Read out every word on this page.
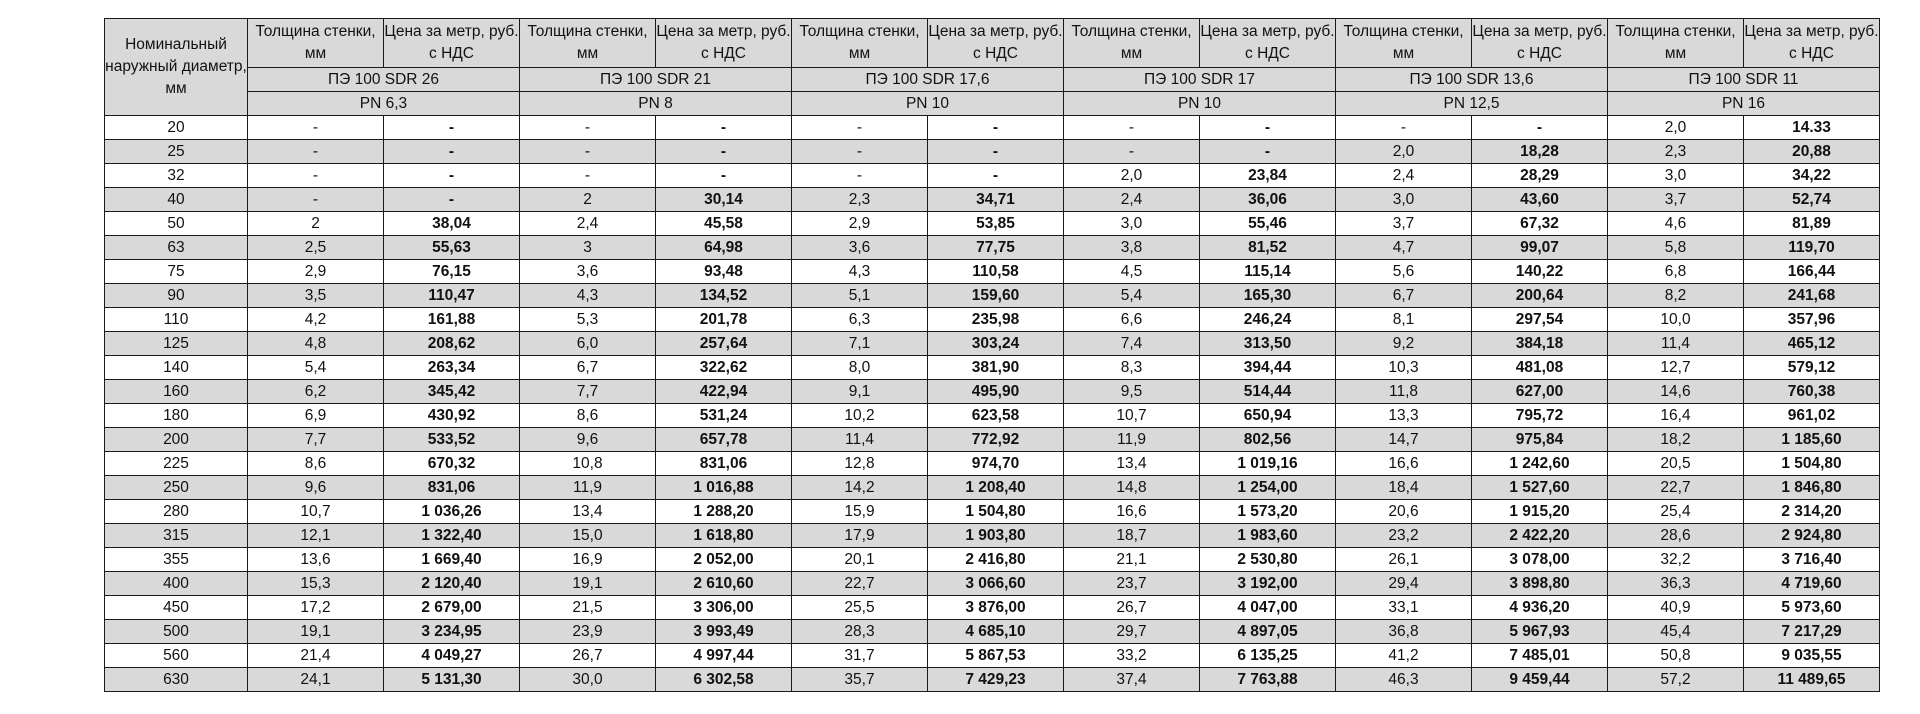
Номинальный наружный диаметр, мм	Толщина стенки, мм	Цена за метр, руб. с НДС	Толщина стенки, мм	Цена за метр, руб. с НДС	Толщина стенки, мм	Цена за метр, руб. с НДС	Толщина стенки, мм	Цена за метр, руб. с НДС	Толщина стенки, мм	Цена за метр, руб. с НДС	Толщина стенки, мм	Цена за метр, руб. с НДС
	ПЭ 100 SDR 26		ПЭ 100 SDR 21		ПЭ 100 SDR 17,6		ПЭ 100 SDR 17		ПЭ 100 SDR 13,6		ПЭ 100 SDR 11	
	PN 6,3		PN 8		PN 10		PN 10		PN 12,5		PN 16	
20	-	-	-	-	-	-	-	-	-	-	2,0	14.33
25	-	-	-	-	-	-	-	-	2,0	18,28	2,3	20,88
32	-	-	-	-	-	-	2,0	23,84	2,4	28,29	3,0	34,22
40	-	-	2	30,14	2,3	34,71	2,4	36,06	3,0	43,60	3,7	52,74
50	2	38,04	2,4	45,58	2,9	53,85	3,0	55,46	3,7	67,32	4,6	81,89
63	2,5	55,63	3	64,98	3,6	77,75	3,8	81,52	4,7	99,07	5,8	119,70
75	2,9	76,15	3,6	93,48	4,3	110,58	4,5	115,14	5,6	140,22	6,8	166,44
90	3,5	110,47	4,3	134,52	5,1	159,60	5,4	165,30	6,7	200,64	8,2	241,68
110	4,2	161,88	5,3	201,78	6,3	235,98	6,6	246,24	8,1	297,54	10,0	357,96
125	4,8	208,62	6,0	257,64	7,1	303,24	7,4	313,50	9,2	384,18	11,4	465,12
140	5,4	263,34	6,7	322,62	8,0	381,90	8,3	394,44	10,3	481,08	12,7	579,12
160	6,2	345,42	7,7	422,94	9,1	495,90	9,5	514,44	11,8	627,00	14,6	760,38
180	6,9	430,92	8,6	531,24	10,2	623,58	10,7	650,94	13,3	795,72	16,4	961,02
200	7,7	533,52	9,6	657,78	11,4	772,92	11,9	802,56	14,7	975,84	18,2	1 185,60
225	8,6	670,32	10,8	831,06	12,8	974,70	13,4	1 019,16	16,6	1 242,60	20,5	1 504,80
250	9,6	831,06	11,9	1 016,88	14,2	1 208,40	14,8	1 254,00	18,4	1 527,60	22,7	1 846,80
280	10,7	1 036,26	13,4	1 288,20	15,9	1 504,80	16,6	1 573,20	20,6	1 915,20	25,4	2 314,20
315	12,1	1 322,40	15,0	1 618,80	17,9	1 903,80	18,7	1 983,60	23,2	2 422,20	28,6	2 924,80
355	13,6	1 669,40	16,9	2 052,00	20,1	2 416,80	21,1	2 530,80	26,1	3 078,00	32,2	3 716,40
400	15,3	2 120,40	19,1	2 610,60	22,7	3 066,60	23,7	3 192,00	29,4	3 898,80	36,3	4 719,60
450	17,2	2 679,00	21,5	3 306,00	25,5	3 876,00	26,7	4 047,00	33,1	4 936,20	40,9	5 973,60
500	19,1	3 234,95	23,9	3 993,49	28,3	4 685,10	29,7	4 897,05	36,8	5 967,93	45,4	7 217,29
560	21,4	4 049,27	26,7	4 997,44	31,7	5 867,53	33,2	6 135,25	41,2	7 485,01	50,8	9 035,55
630	24,1	5 131,30	30,0	6 302,58	35,7	7 429,23	37,4	7 763,88	46,3	9 459,44	57,2	11 489,65
